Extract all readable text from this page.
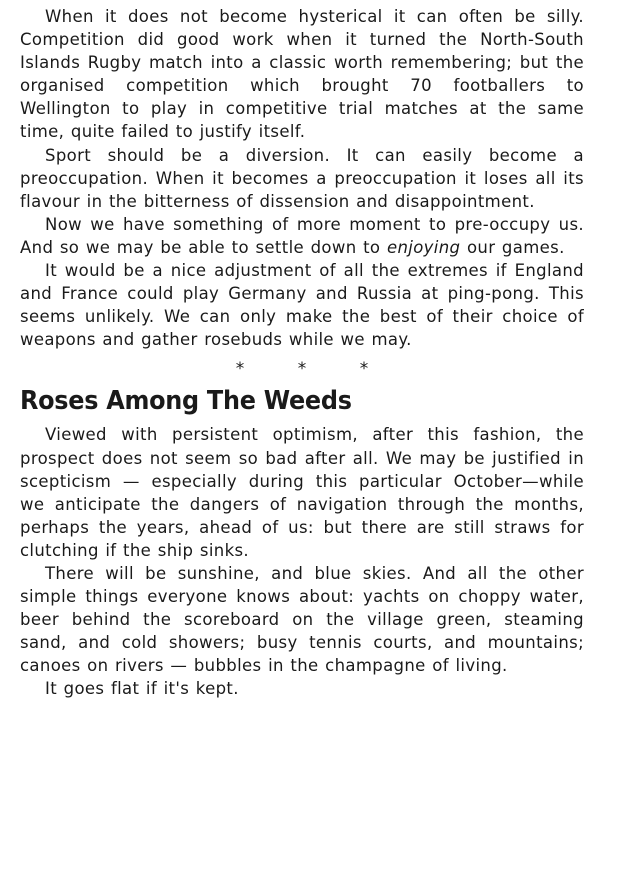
When it does not become hysterical it can often be silly. Competition did good work when it turned the North-South Islands Rugby match into a classic worth remembering; but the organised competition which brought 70 footballers to Wellington to play in competitive trial matches at the same time, quite failed to justify itself.

Sport should be a diversion. It can easily become a preoccupation. When it becomes a preoccupation it loses all its flavour in the bitterness of dissension and disappointment.

Now we have something of more moment to pre-occupy us. And so we may be able to settle down to enjoying our games.

It would be a nice adjustment of all the extremes if England and France could play Germany and Russia at ping-pong. This seems unlikely. We can only make the best of their choice of weapons and gather rosebuds while we may.

*	*	*
Roses Among The Weeds

Viewed with persistent optimism, after this fashion, the prospect does not seem so bad after all. We may be justified in scepticism — especially during this particular October—while we anticipate the dangers of navigation through the months, perhaps the years, ahead of us: but there are still straws for clutching if the ship sinks.

There will be sunshine, and blue skies. And all the other simple things everyone knows about: yachts on choppy water, beer behind the scoreboard on the village green, steaming sand, and cold showers; busy tennis courts, and mountains; canoes on rivers — bubbles in the champagne of living.

It goes flat if it's kept.
